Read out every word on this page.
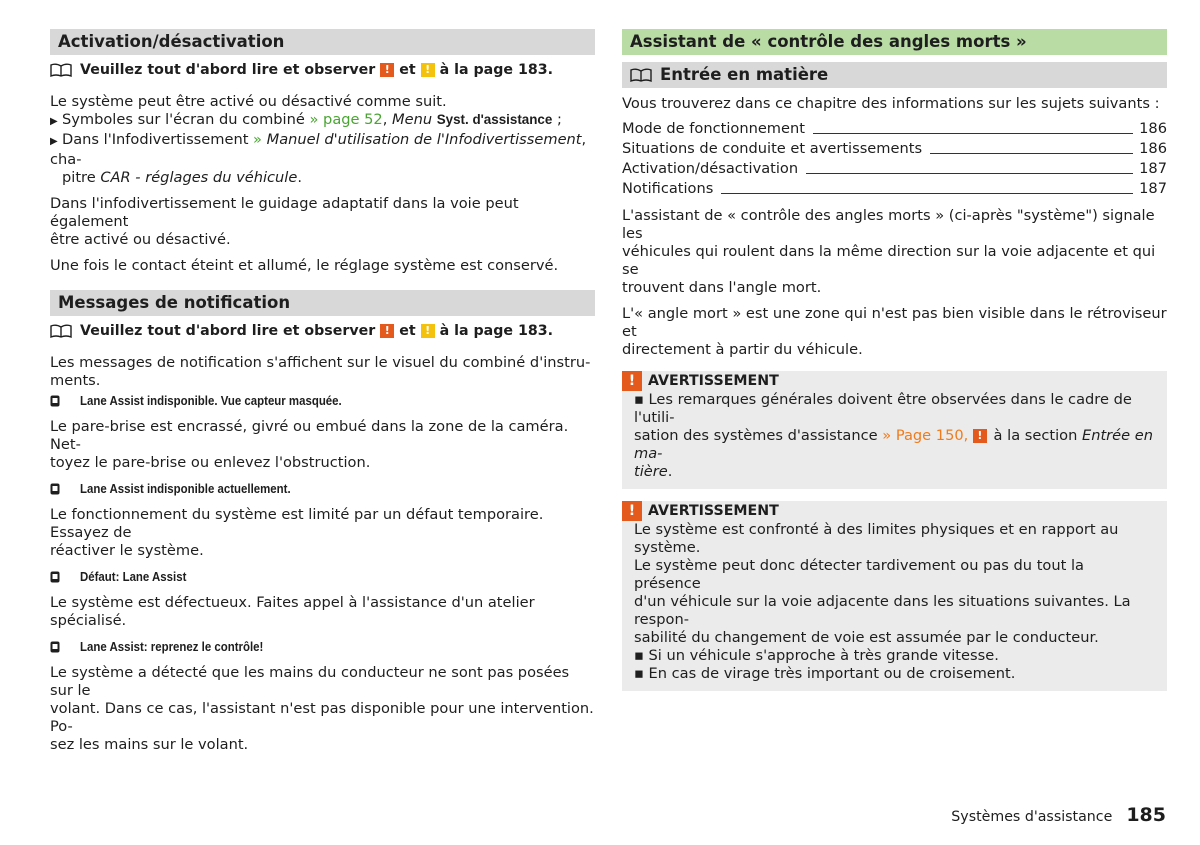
Activation/désactivation
Veuillez tout d'abord lire et observer ! et ! à la page 183.

Le système peut être activé ou désactivé comme suit.

▶ Symboles sur l'écran du combiné » page 52, Menu Syst. d'assistance ;

▶ Dans l'Infodivertissement » Manuel d'utilisation de l'Infodivertissement, cha-

pitre CAR - réglages du véhicule.

Dans l'infodivertissement le guidage adaptatif dans la voie peut également
être activé ou désactivé.

Une fois le contact éteint et allumé, le réglage système est conservé.

Messages de notification
Veuillez tout d'abord lire et observer ! et ! à la page 183.

Les messages de notification s'affichent sur le visuel du combiné d'instru-
ments.

Lane Assist indisponible. Vue capteur masquée.

Le pare-brise est encrassé, givré ou embué dans la zone de la caméra. Net-
toyez le pare-brise ou enlevez l'obstruction.

Lane Assist indisponible actuellement.

Le fonctionnement du système est limité par un défaut temporaire. Essayez de
réactiver le système.

Défaut: Lane Assist

Le système est défectueux. Faites appel à l'assistance d'un atelier spécialisé.

Lane Assist: reprenez le contrôle!

Le système a détecté que les mains du conducteur ne sont pas posées sur le
volant. Dans ce cas, l'assistant n'est pas disponible pour une intervention. Po-
sez les mains sur le volant.

Assistant de « contrôle des angles morts »
Entrée en matière

Vous trouverez dans ce chapitre des informations sur les sujets suivants :

Mode de fonctionnement	186
Situations de conduite et avertissements	186
Activation/désactivation	187
Notifications	187

L'assistant de « contrôle des angles morts » (ci-après "système") signale les
véhicules qui roulent dans la même direction sur la voie adjacente et qui se
trouvent dans l'angle mort.

L'« angle mort » est une zone qui n'est pas bien visible dans le rétroviseur et
directement à partir du véhicule.

! AVERTISSEMENT

▪ Les remarques générales doivent être observées dans le cadre de l'utili-
sation des systèmes d'assistance » Page 150, ! à la section Entrée en ma-
tière.

! AVERTISSEMENT

Le système est confronté à des limites physiques et en rapport au système.
Le système peut donc détecter tardivement ou pas du tout la présence
d'un véhicule sur la voie adjacente dans les situations suivantes. La respon-
sabilité du changement de voie est assumée par le conducteur.
▪ Si un véhicule s'approche à très grande vitesse.
▪ En cas de virage très important ou de croisement.

Systèmes d'assistance 185
